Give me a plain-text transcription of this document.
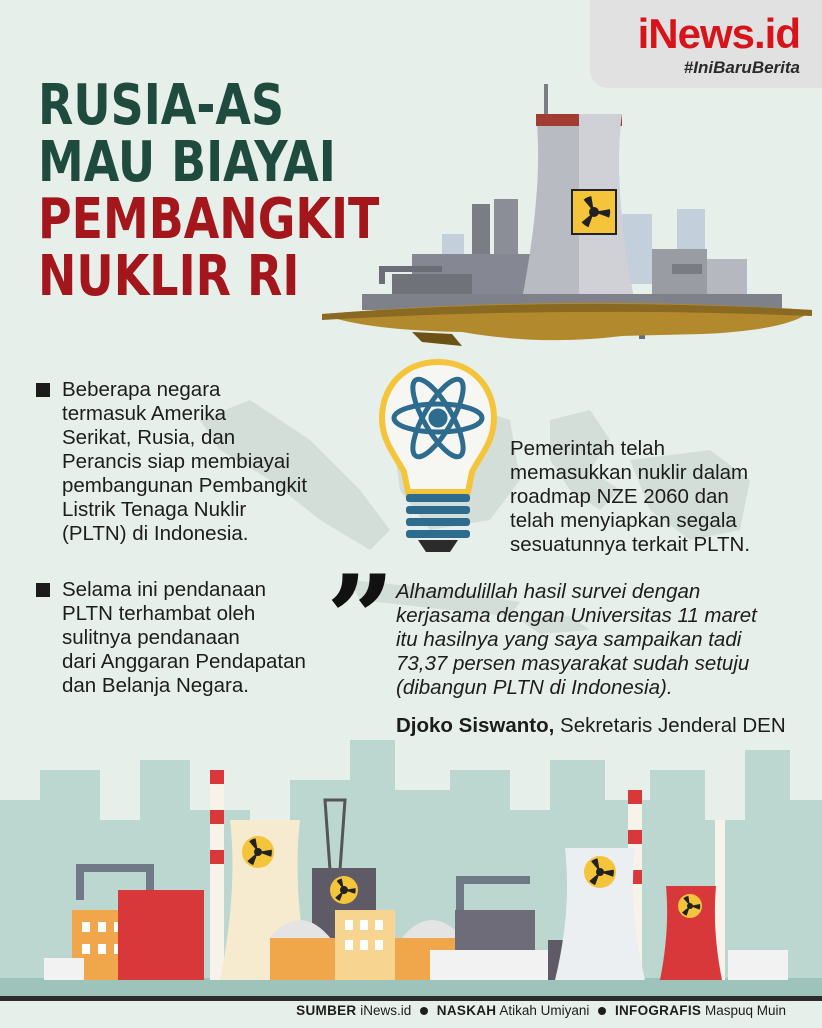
iNews.id
#IniBaruBerita
RUSIA-AS
MAU BIAYAI
PEMBANGKIT
NUKLIR RI

Beberapa negara
termasuk Amerika
Serikat, Rusia, dan
Perancis siap membiayai
pembangunan Pembangkit
Listrik Tenaga Nuklir
(PLTN) di Indonesia.

Selama ini pendanaan
PLTN terhambat oleh
sulitnya pendanaan
dari Anggaran Pendapatan
dan Belanja Negara.

Pemerintah telah
memasukkan nuklir dalam
roadmap NZE 2060 dan
telah menyiapkan segala
sesuatunnya terkait PLTN.
” Alhamdulillah hasil survei dengan
kerjasama dengan Universitas 11 maret
itu hasilnya yang saya sampaikan tadi
73,37 persen masyarakat sudah setuju
(dibangun PLTN di Indonesia).
Djoko Siswanto, Sekretaris Jenderal DEN
SUMBER iNews.id NASKAH Atikah Umiyani INFOGRAFIS Maspuq Muin
